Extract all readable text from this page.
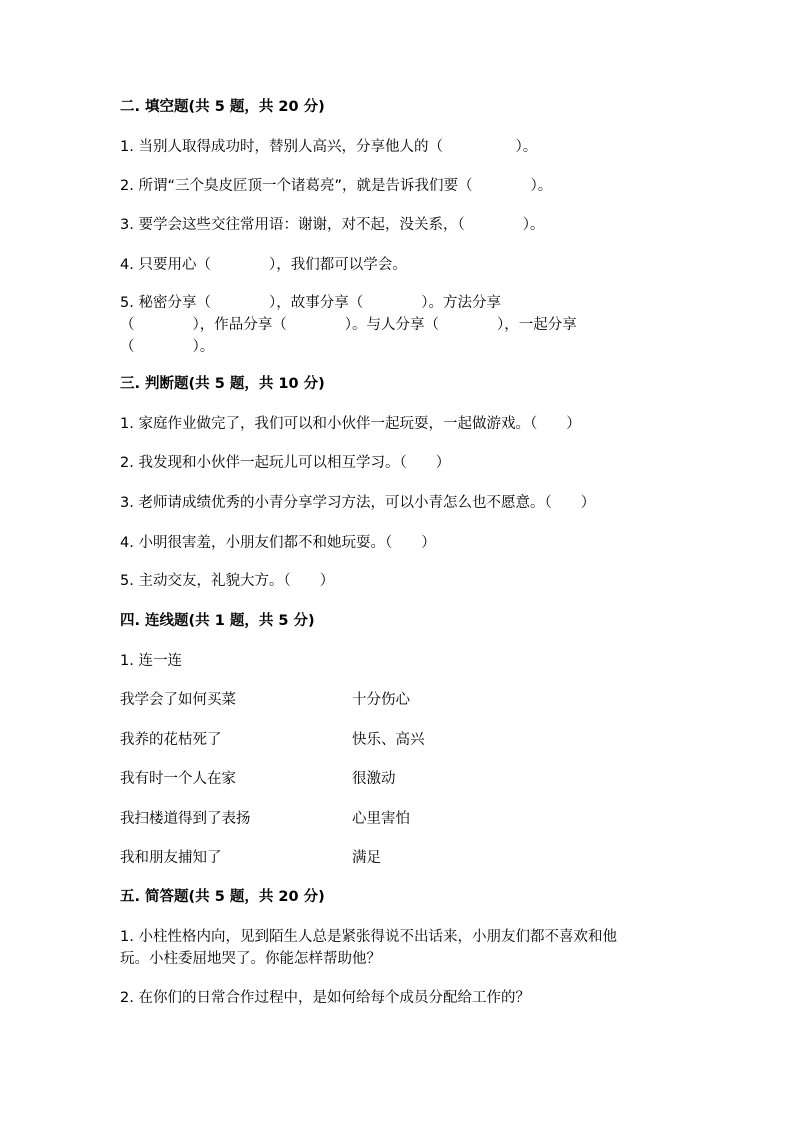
二. 填空题(共 5 题，共 20 分)
1. 当别人取得成功时，替别人高兴，分享他人的（　　　　　）。
2. 所谓“三个臭皮匠顶一个诸葛亮”，就是告诉我们要（　　　　）。
3. 要学会这些交往常用语：谢谢，对不起，没关系，（　　　　）。
4. 只要用心（　　　　），我们都可以学会。
5. 秘密分享（　　　　），故事分享（　　　　）。方法分享
（　　　　），作品分享（　　　　）。与人分享（　　　　），一起分享
（　　　　）。
三. 判断题(共 5 题，共 10 分)
1. 家庭作业做完了，我们可以和小伙伴一起玩耍，一起做游戏。（　　）
2. 我发现和小伙伴一起玩儿可以相互学习。（　　）
3. 老师请成绩优秀的小青分享学习方法，可以小青怎么也不愿意。（　　）
4. 小明很害羞，小朋友们都不和她玩耍。（　　）
5. 主动交友，礼貌大方。（　　）
四. 连线题(共 1 题，共 5 分)
1. 连一连
我学会了如何买菜	十分伤心
我养的花枯死了	快乐、高兴
我有时一个人在家	很激动
我扫楼道得到了表扬	心里害怕
我和朋友捕知了	满足
五. 简答题(共 5 题，共 20 分)
1. 小柱性格内向，见到陌生人总是紧张得说不出话来，小朋友们都不喜欢和他
玩。小柱委屈地哭了。你能怎样帮助他？
2. 在你们的日常合作过程中，是如何给每个成员分配给工作的？
